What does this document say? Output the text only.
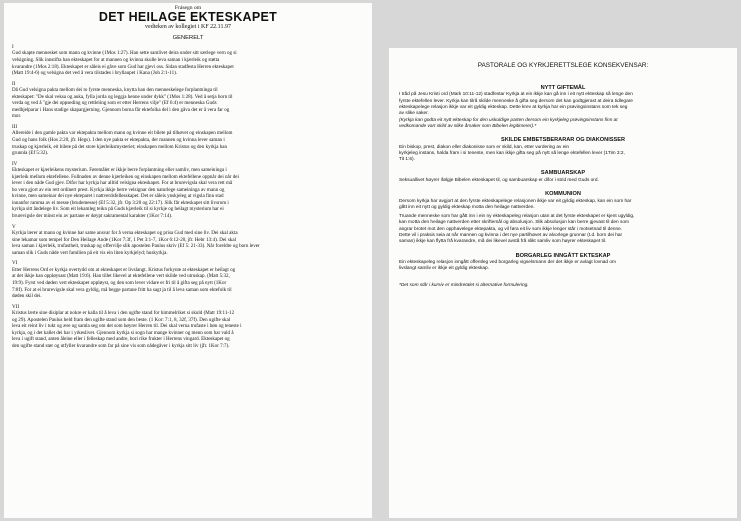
Frásegn om
DET HEILAGE EKTESKAPET
vedteken av kollegiet i KF 22.11.97
GENERELT

I
Gud skapte mennesket som mann og kvinne (1Mos 1:27). Han sette samlivet deira under sitt særlege vern og si
velsigning. Slik innstifta han ekteskapet for at mannen og kvinna skulle leva saman i kjærleik og støtta
kvarandre (1Mos 2:18). Ekteskapet er såleis ei gåve som Gud har gjevi oss. Sidan stadfesta Herren ekteskapet
(Matt 19:4-6) og velsigna det ved å vera tilstades i bryllaupet i Kana (Joh 2:1-11).

II
Då Gud velsigna pakta mellom dei to fyrste menneska, knytta han den menneskelege forplantninga til
ekteskapet: "De skal veksa og auka, fylla jorda og leggja henne under dykk" (1Mos 1:28). Ved å setja born til
verda og ved å "gje dei oppseding og rettleiing som er etter Herrens vilje" (Ef 6:4) er menneska Guds
medhjelparar i Hans stadige skapargjerning. Gjennom borna får ektefolka del i den gåva det er å vera far og
mor.

III
Allereide i den gamle pakta var ektepakta mellom mann og kvinne eit bilete på tilhøvet og einskapen mellom
Gud og hans folk (Hos 2:20, jfr. Hegs). I den nye pakta er ektepakta, der mannen og kvinna lever saman i
truskap og kjærleik, eit bilete på det store kjærleiksmysteriet; einskapen mellom Kristus og den kyrkja han
grunnla (Ef 5:32).

IV
Ekteskapet er kjærleikens mysterium. Føremålet er ikkje berre forplantning eller samliv, men sameininga i
kjærleik mellom ektefellene. Fullnaden av denne kjærleiken og einskapen mellom ektefellene oppnår dei når dei
lever i den nåde Gud gjev. Difor har kyrkja har alltid velsigna ekteskapet. For at brurevigsla skal vera rett må
ho vera gjort av ein rett ordinert prest. Kyrkja ikkje berre velsignar den naturlege sameininga av mann og
kvinne, men sameinar dei nye ekteparet i nattverdsfellesskapet. Det er såleis ynskjeleg at vigsla finn stad
innanfor ramma av ei messe (brudemesse) (Ef 5:32, jfr. Op 3:20 og 22:17). Slik får ekteskapet sitt livsrom i
kyrkja sitt åndelege liv. Som eit lekamleg teikn på Guds kjærleik til si kyrkje og heilagt mysterium har ei
brurevigsle der minst ein av partane er døypt sakramental karakter (1Kor 7:14).

V
Kyrkja lærer at mann og kvinne har same ansvar for å verna ekteskapet og prisa Gud med sine liv. Dei skal akta
sine lekamar som tempel for Den Heilage Ande (1Kor 7:3f, 1 Pet 3:1-7, 1Kor 6:12-20, jfr. Hebr 13:4). Dei skal
leva saman i kjærleik, trufastheit, truskap og offervilje slik apostelen Paulus skriv (Ef 5: 21-33). Når foreldre og born lever
saman slik i Guds nåde vert familien på eit vis ein liten kyrkjelyd; huskyrkja.

VI
Etter Herrens Ord er kyrkja overtydd om at ekteskapet er livslangt. Kristus forkynte at ekteskapet er heilagt og
at det ikkje kan oppløysast (Matt 19:6). Han tillet likevel at ektefellene vert skilde ved utruskap. (Matt 5:32,
19:9). Fyrst ved døden vert ekteskapet oppløyst, og den som lever vidare er fri til å gifta seg på nytt (1Kor
7:8f). For at ei brurevigsle skal vera gyldig, må begge partane fritt ha sagt ja til å leva saman som ektefolk til
døden skil dei.

VII
Kristus lærte sine disiplar at nokre er kalla til å leva i den ugifte stand for himmelriket si skuld (Matt 19:11-12
og 29). Apostelen Paulus held fram den ugifte stand som den beste. (1 Kor: 7:1, 8, 32f, 37f). Den ugifte skal
leva eit reint liv i tukt og ære og samla seg om det som høyrer Herren til. Dei skal verna trufaste i bøn og teneste i
kyrkja, og i det kallet dei har i yrkeslivet. Gjennom kyrkja si sogn har mange kvinner og menn som har vald å
leva i ugift stand, anten åleine eller i felleskap med andre, bori rike frukter i Herrens vingard. Ekteskapet og
den ugifte stand stør og utfyller kvarandre som far på sine vis som nådegåver i kyrkja sitt liv (jfr. 1Kor 7:7).

PASTORALE OG KYRKJERETTSLEGE KONSEKVENSAR:
NYTT GIFTEMÅL

I tråd på Jesu Kristi ord (Mark 10:11-12) stadfestar Kyrkja at ein ikkje kan gå inn i eit nytt ekteskap så lenge den
fyrste ektefellen lever. Kyrkja kan tilrå skilde menneske å gifta seg dersom det kan godtgjerast at deira tidlegare
ekteskapelege relasjon ikkje var eit gyldig ekteskap. Dette krev at kyrkja har ein prøvingsinstans som tek seg
av slike saker.

(Kyrkja kan godta eit nytt ekteskap for den uskuldige parten dersom ein kyrkjeleg prøvingsinstans finn at
vedkomande vart skild av slike årsaker som Bibelen legitimerer).*

SKILDE EMBETSBERARAR OG DIAKONISSER

Ein biskop, prest, diakon eller diakonisse som er skild, kan, etter vurdering av ein
kyrkjeleg instans, halda fram i si teneste, men kan ikkje gifta seg på nytt så lenge ektefellen lever (1Tim 3:2,
Tit 1:6).

SAMBUARSKAP

Seksuallivet høyrer ifølgje Bibelen ekteskapet til, og sambuarskap er difor i strid med Guds ord.

KOMMUNION

Dersom kyrkja har avgjort at den fyrste ekteskapelege relasjonen ikkje var eit gyldig ekteskap, kan ein som har
gått inn eit nytt og gyldig ekteskap motta den heilage nattverden.

Truande menneske som har gått inn i ein ny ekteskapeleg relasjon utan at det fyrste ekteskapet er kjent ugyldig,
kan motta den heilage nattverden etter skriftemål og absolusjon. Slik absolusjon kan berre gjevast til den som
angrar brotet mot den opphavelege ektepakta, og vil føra eit liv som ikkje lenger står i motsetnad til denne.
Dette vil i praksis seia at når mannen og kvinna i det nye partilhøvet av alvorlege grunnar (t.d. born dei har
saman) ikkje kan flytta frå kvarandre, må dei likevel avstå frå slikt samliv som høyrer ekteskapet til.

BORGARLEG INNGÅTT EKTESKAP

Ein ekteskapeleg relasjon inngått offentleg ved borgarleg vigselsmann der det ikkje er avlagt lovnad om
livslangt samliv er ikkje eit gyldig ekteskap.

*Det som står i kursiv er mindretalet si alternative formulering.
